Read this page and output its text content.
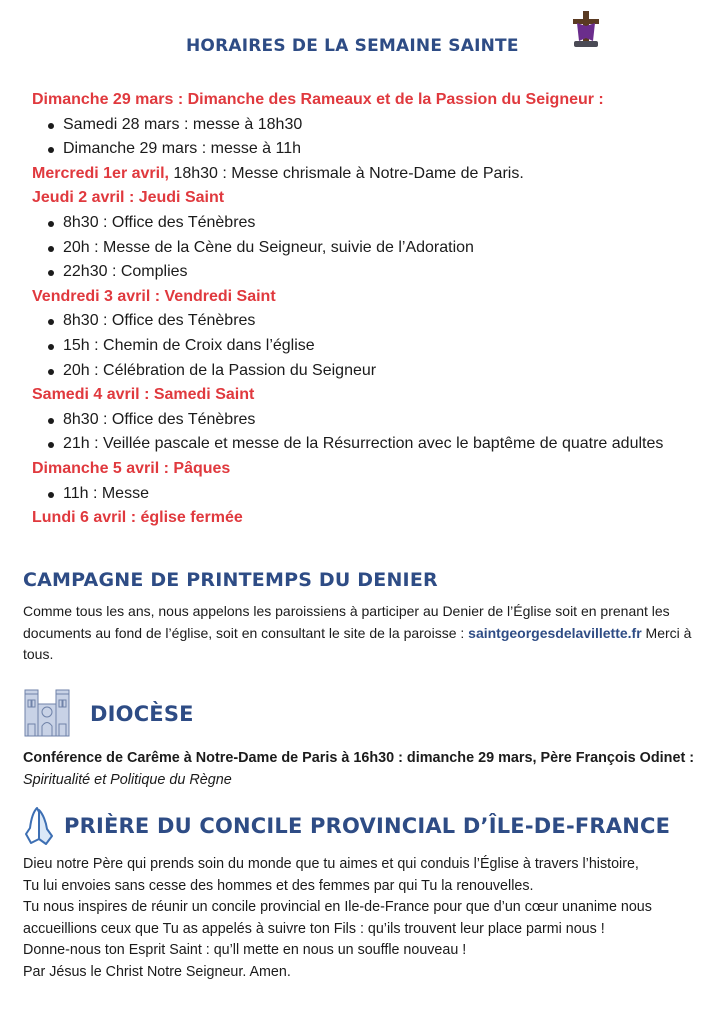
HORAIRES DE LA SEMAINE SAINTE
Dimanche 29 mars : Dimanche des Rameaux et de la Passion du Seigneur :
Samedi 28 mars : messe à 18h30
Dimanche 29 mars : messe à 11h
Mercredi 1er avril, 18h30 : Messe chrismale à Notre-Dame de Paris.
Jeudi 2 avril : Jeudi Saint
8h30 : Office des Ténèbres
20h : Messe de la Cène du Seigneur, suivie de l’Adoration
22h30 : Complies
Vendredi 3 avril : Vendredi Saint
8h30 : Office des Ténèbres
15h : Chemin de Croix dans l’église
20h : Célébration de la Passion du Seigneur
Samedi 4 avril : Samedi Saint
8h30 : Office des Ténèbres
21h : Veillée pascale et messe de la Résurrection avec le baptême de quatre adultes
Dimanche 5 avril : Pâques
11h : Messe
Lundi 6 avril : église fermée
CAMPAGNE DE PRINTEMPS DU DENIER

Comme tous les ans, nous appelons les paroissiens à participer au Denier de l’Église soit en prenant les documents au fond de l’église, soit en consultant le site de la paroisse : saintgeorgesdelavillette.fr Merci à tous.

DIOCÈSE

Conférence de Carême à Notre-Dame de Paris à 16h30 : dimanche 29 mars, Père François Odinet : Spiritualité et Politique du Règne

PRIÈRE DU CONCILE PROVINCIAL D’ÎLE-DE-FRANCE
Dieu notre Père qui prends soin du monde que tu aimes et qui conduis l’Église à travers l’histoire,
Tu lui envoies sans cesse des hommes et des femmes par qui Tu la renouvelles.
Tu nous inspires de réunir un concile provincial en Ile-de-France pour que d’un cœur unanime nous accueillions ceux que Tu as appelés à suivre ton Fils : qu’ils trouvent leur place parmi nous !
Donne-nous ton Esprit Saint : qu’ll mette en nous un souffle nouveau !
Par Jésus le Christ Notre Seigneur. Amen.
